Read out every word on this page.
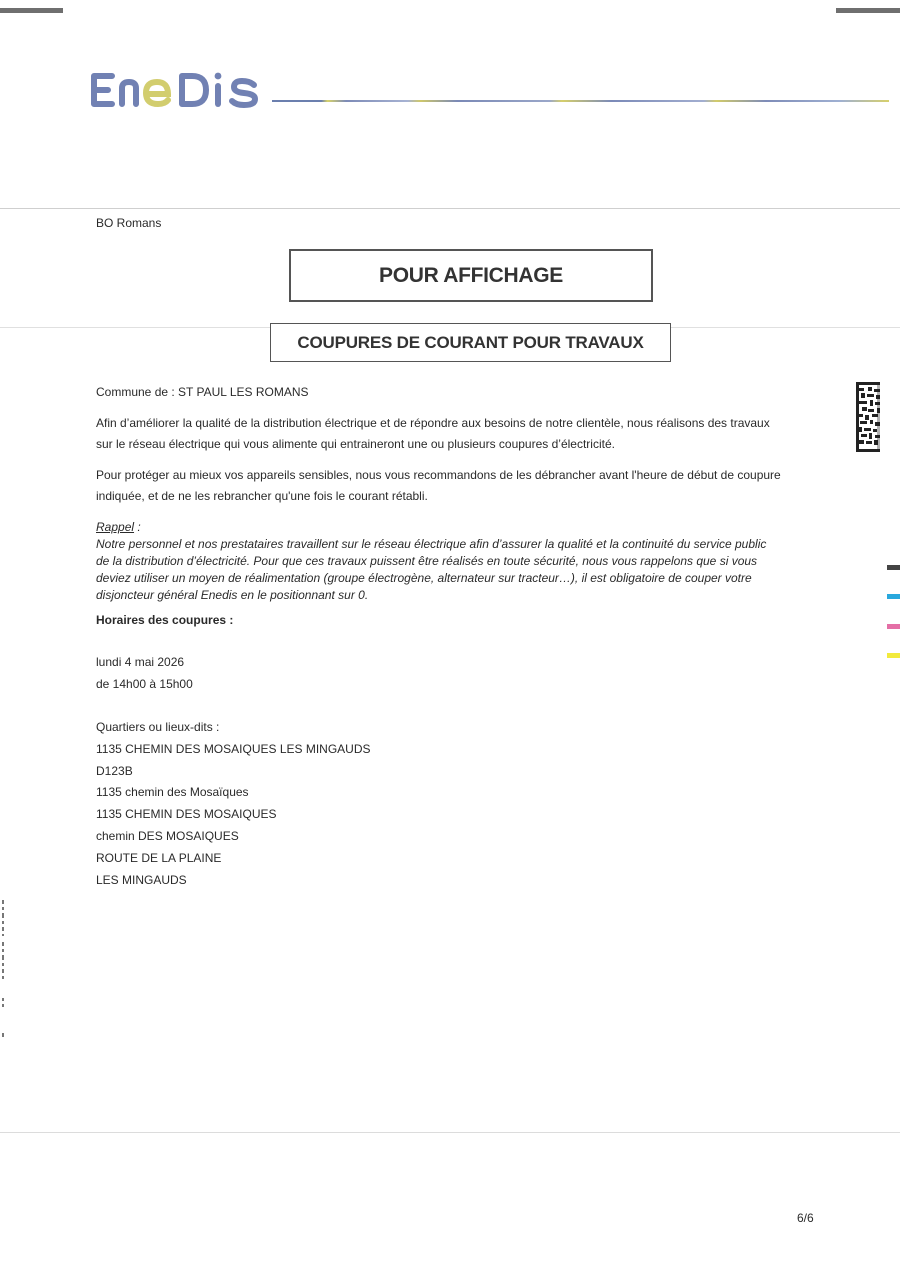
ENEDIS
BO Romans
POUR AFFICHAGE
COUPURES DE COURANT POUR TRAVAUX
Commune de : ST PAUL LES ROMANS
Afin d’améliorer la qualité de la distribution électrique et de répondre aux besoins de notre clientèle, nous réalisons des travaux
sur le réseau électrique qui vous alimente qui entraineront une ou plusieurs coupures d’électricité.
Pour protéger au mieux vos appareils sensibles, nous vous recommandons de les débrancher avant l'heure de début de coupure
indiquée, et de ne les rebrancher qu'une fois le courant rétabli.
Rappel :
Notre personnel et nos prestataires travaillent sur le réseau électrique afin d’assurer la qualité et la continuité du service public
de la distribution d’électricité. Pour que ces travaux puissent être réalisés en toute sécurité, nous vous rappelons que si vous
deviez utiliser un moyen de réalimentation (groupe électrogène, alternateur sur tracteur…), il est obligatoire de couper votre
disjoncteur général Enedis en le positionnant sur 0.
Horaires des coupures :
lundi 4 mai 2026
de 14h00 à 15h00
Quartiers ou lieux-dits :
1135 CHEMIN DES MOSAIQUES LES MINGAUDS
D123B
1135 chemin des Mosaïques
1135 CHEMIN DES MOSAIQUES
chemin DES MOSAIQUES
ROUTE DE LA PLAINE
LES MINGAUDS
6/6
